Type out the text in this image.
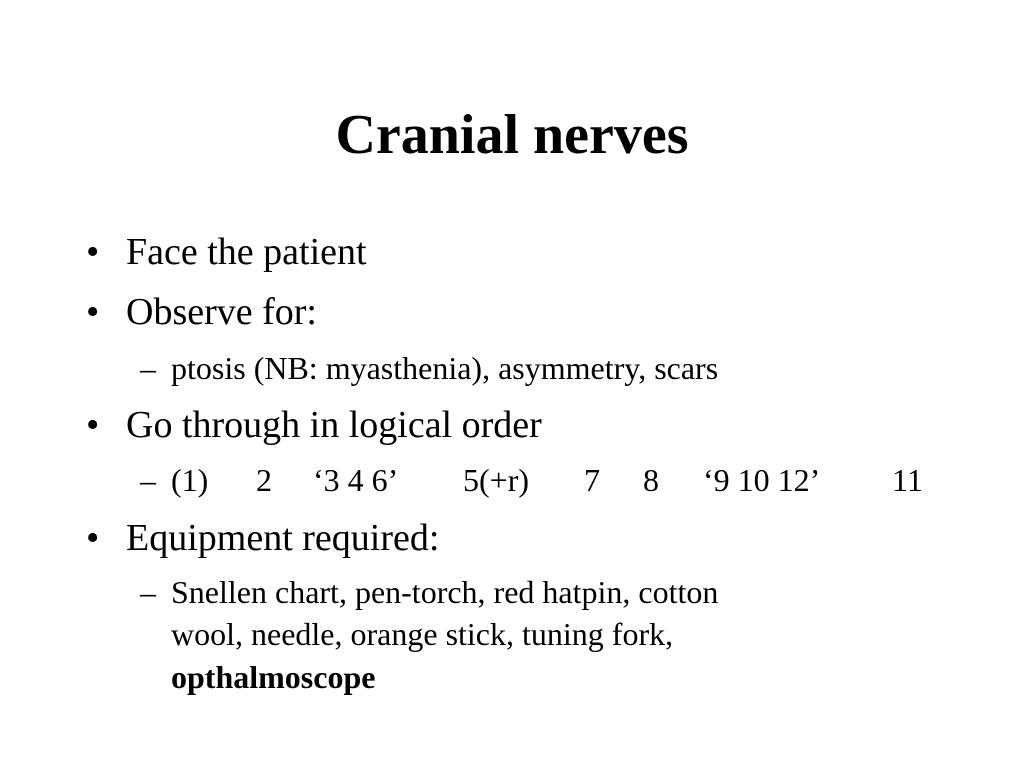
Cranial nerves
• Face the patient
• Observe for:
– ptosis (NB: myasthenia), asymmetry, scars
• Go through in logical order
– (1) 2 ‘3 4 6’ 5(+r) 7 8 ‘9 10 12’ 11
• Equipment required:
– Snellen chart, pen-torch, red hatpin, cotton
wool, needle, orange stick, tuning fork,
opthalmoscope
